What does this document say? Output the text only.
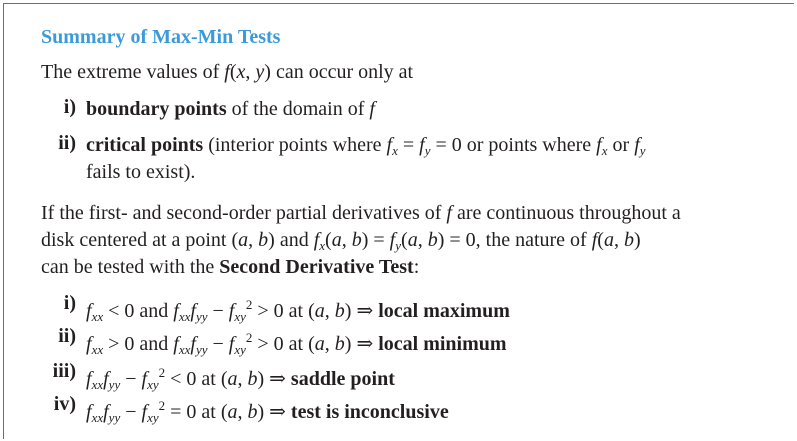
Summary of Max-Min Tests
The extreme values of f(x, y) can occur only at
i) boundary points of the domain of f
ii) critical points (interior points where $f_x = f_y = 0$ or points where $f_x$ or $f_y$
fails to exist).
If the first- and second-order partial derivatives of f are continuous throughout a
disk centered at a point (a, b) and $f_x(a$, $b) = f_y(a$, b) = 0, the nature of f(a, b)
can be tested with the Second Derivative Test:
i) $f_{xx} < 0$ and $f_{xx}f_{yy} - f_{xy}^2 > 0$ at (a, b) ⇒ local maximum
ii) $f_{xx} > 0$ and $f_{xx}f_{yy} - f_{xy}^2 > 0$ at (a, b) ⇒ local minimum
iii) $f_{xx}f_{yy} - f_{xy}^2 < 0$ at (a, b) ⇒ saddle point
iv) $f_{xx}f_{yy} - f_{xy}^2 = 0$ at (a, b) ⇒ test is inconclusive
